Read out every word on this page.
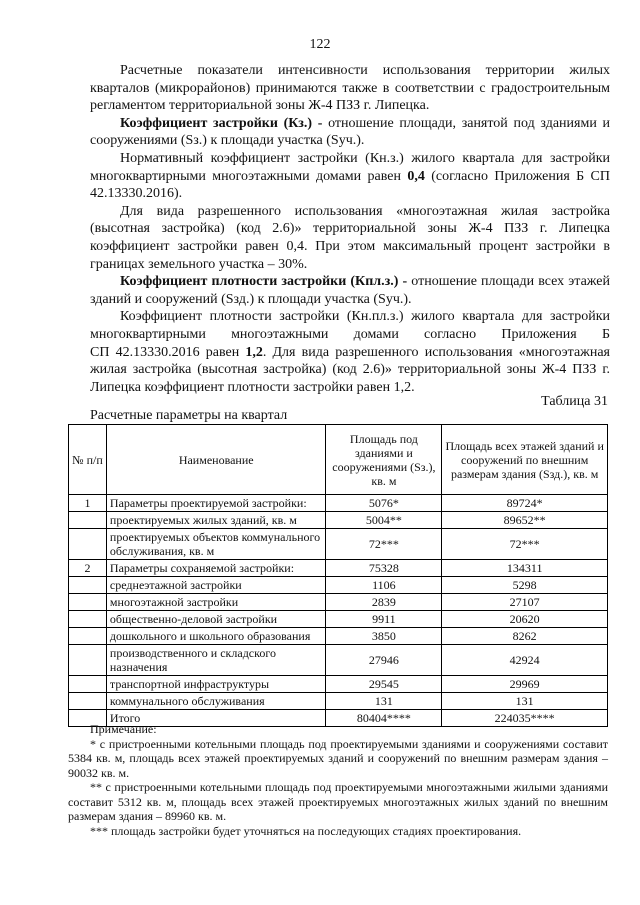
122

Расчетные показатели интенсивности использования территории жилых кварталов (микрорайонов) принимаются также в соответствии с градостроительным регламентом территориальной зоны Ж-4 ПЗЗ г. Липецка.

Коэффициент застройки (Кз.) - отношение площади, занятой под зданиями и сооружениями (Sз.) к площади участка (Sуч.).

Нормативный коэффициент застройки (Кн.з.) жилого квартала для застройки многоквартирными многоэтажными домами равен 0,4 (согласно Приложения Б СП 42.13330.2016).

Для вида разрешенного использования «многоэтажная жилая застройка (высотная застройка) (код 2.6)» территориальной зоны Ж-4 ПЗЗ г. Липецка коэффициент застройки равен 0,4. При этом максимальный процент застройки в границах земельного участка – 30%.

Коэффициент плотности застройки (Кпл.з.) - отношение площади всех этажей зданий и сооружений (Sзд.) к площади участка (Sуч.).

Коэффициент плотности застройки (Кн.пл.з.) жилого квартала для застройки многоквартирными многоэтажными домами согласно Приложения Б

СП 42.13330.2016 равен 1,2. Для вида разрешенного использования «многоэтажная жилая застройка (высотная застройка) (код 2.6)» территориальной зоны Ж-4 ПЗЗ г. Липецка коэффициент плотности застройки равен 1,2.

Таблица 31
Расчетные параметры на квартал
№ п/п	Наименование	Площадь под зданиями и сооружениями (Sз.), кв. м	Площадь всех этажей зданий и сооружений по внешним размерам здания (Sзд.), кв. м
1	Параметры проектируемой застройки:	5076*	89724*
	проектируемых жилых зданий, кв. м	5004**	89652**
	проектируемых объектов коммунального обслуживания, кв. м	72***	72***
2	Параметры сохраняемой застройки:	75328	134311
	среднеэтажной застройки	1106	5298
	многоэтажной застройки	2839	27107
	общественно-деловой застройки	9911	20620
	дошкольного и школьного образования	3850	8262
	производственного и складского назначения	27946	42924
	транспортной инфраструктуры	29545	29969
	коммунального обслуживания	131	131
	Итого	80404****	224035****

Примечание:

* с пристроенными котельными площадь под проектируемыми зданиями и сооружениями составит 5384 кв. м, площадь всех этажей проектируемых зданий и сооружений по внешним размерам здания – 90032 кв. м.

** с пристроенными котельными площадь под проектируемыми многоэтажными жилыми зданиями составит 5312 кв. м, площадь всех этажей проектируемых многоэтажных жилых зданий по внешним размерам здания – 89960 кв. м.

*** площадь застройки будет уточняться на последующих стадиях проектирования.
